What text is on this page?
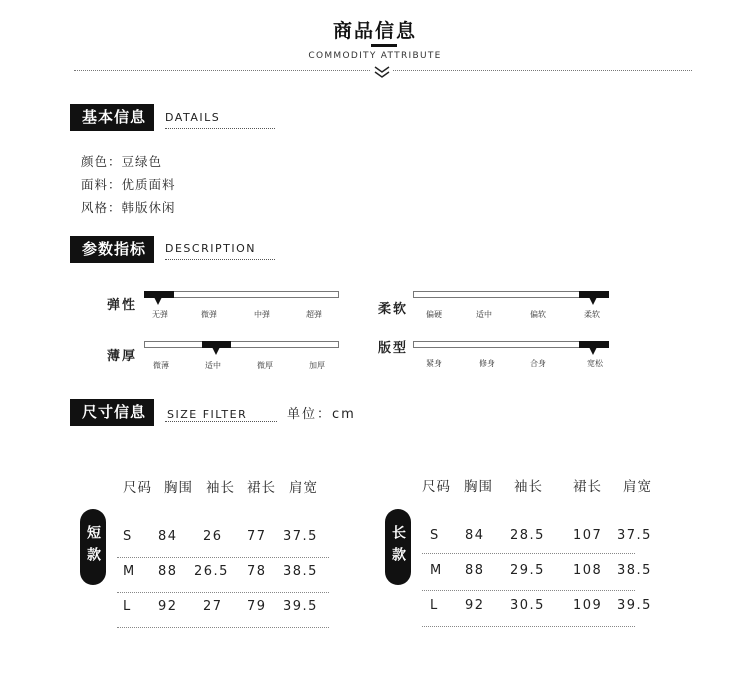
商品信息
COMMODITY ATTRIBUTE
基本信息	DATAILS
颜色：豆绿色
面料：优质面料
风格：韩版休闲
参数指标	DESCRIPTION
弹性
无弹	微弹	中弹	超弹	柔软	偏硬	适中	偏软	柔软
薄厚
微薄	适中	微厚	加厚
版型
紧身	修身	合身	宽松
尺寸信息	SIZE FILTER	单位：cm
短款
尺码 胸围 袖长 裙长 肩宽
S 84 26 77 37.5
M 88 26.5 78 38.5
L 92 27 79 39.5
长款
尺码 胸围 袖长 裙长 肩宽
S 84 28.5 107 37.5
M 88 29.5 108 38.5
L 92 30.5 109 39.5
